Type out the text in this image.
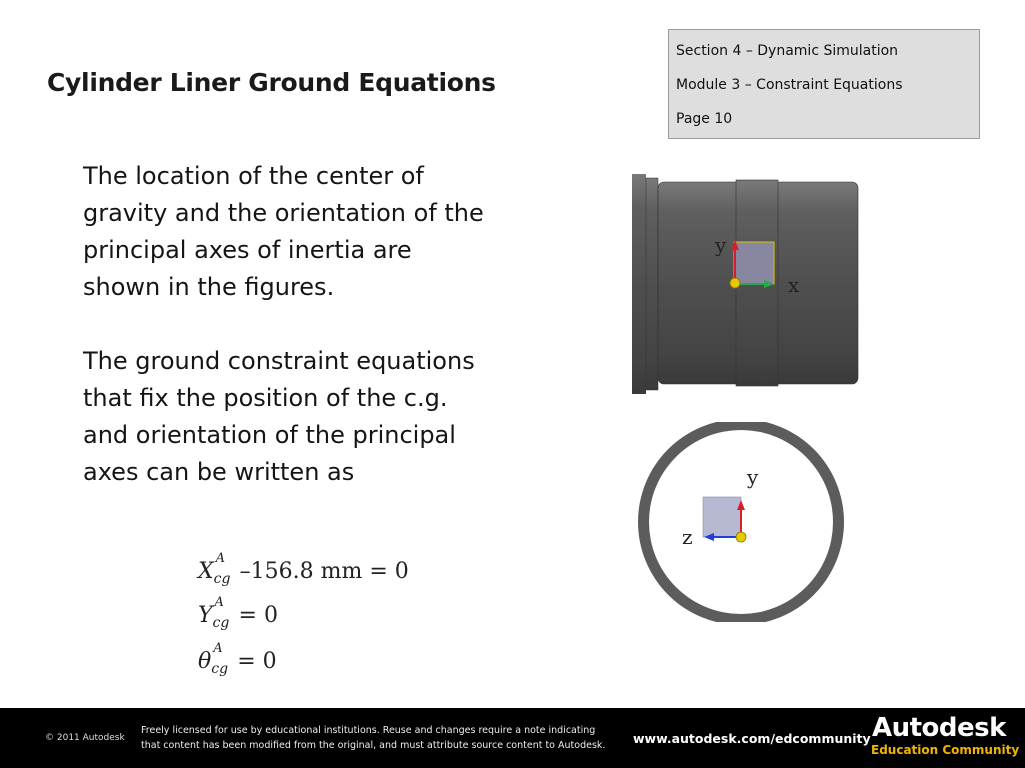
Cylinder Liner Ground Equations
Section 4 – Dynamic Simulation
Module 3 – Constraint Equations
Page 10
The location of the center of
gravity and the orientation of the
principal axes of inertia are
shown in the figures.
The ground constraint equations
that fix the position of the c.g.
and orientation of the principal
axes can be written as
X
A
cg –156.8 mm = 0
Y
A
cg = 0
θ
A
cg = 0
y
x
y
z
© 2011 Autodesk
Freely licensed for use by educational institutions. Reuse and changes require a note indicating
that content has been modified from the original, and must attribute source content to Autodesk.	www.autodesk.com/edcommunity Autodesk
Education Community
